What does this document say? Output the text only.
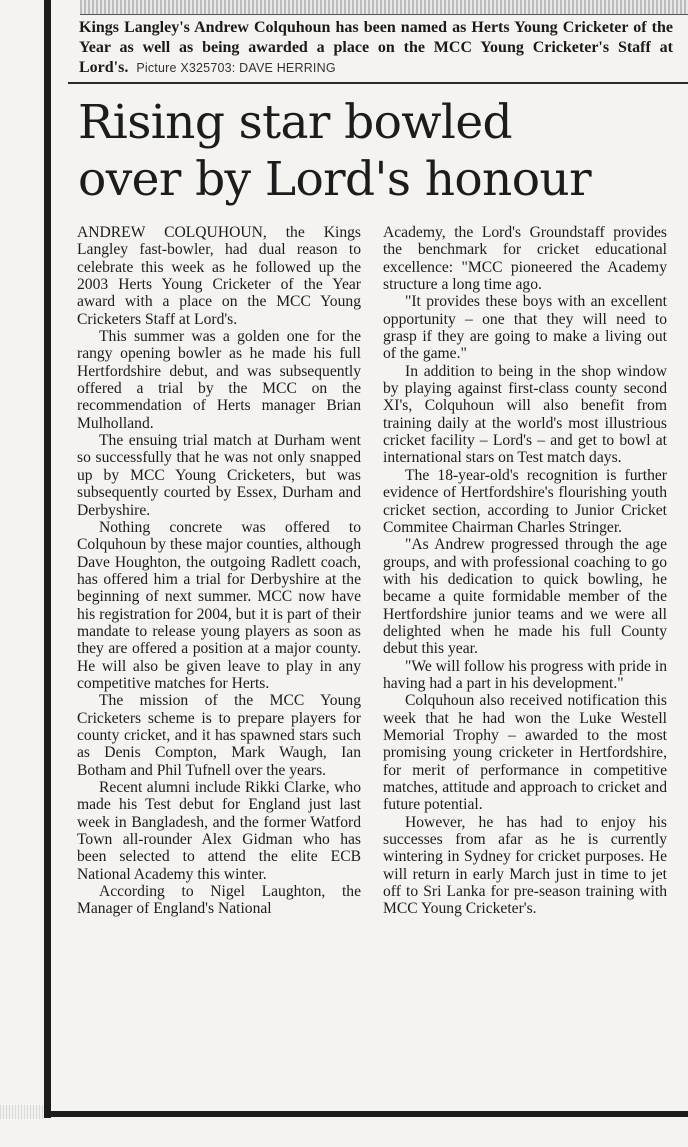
Kings Langley's Andrew Colquhoun has been named as Herts Young Cricketer of the Year as well as being awarded a place on the MCC Young Cricketer's Staff at Lord's. Picture X325703: DAVE HERRING
Rising star bowled
over by Lord's honour

ANDREW COLQUHOUN, the Kings Langley fast-bowler, had dual reason to celebrate this week as he followed up the 2003 Herts Young Cricketer of the Year award with a place on the MCC Young Cricketers Staff at Lord's.

This summer was a golden one for the rangy opening bowler as he made his full Hertfordshire debut, and was subsequently offered a trial by the MCC on the recommendation of Herts manager Brian Mulholland.

The ensuing trial match at Durham went so successfully that he was not only snapped up by MCC Young Cricketers, but was subsequently courted by Essex, Durham and Derbyshire.

Nothing concrete was offered to Colquhoun by these major counties, although Dave Houghton, the outgoing Radlett coach, has offered him a trial for Derbyshire at the beginning of next summer. MCC now have his registration for 2004, but it is part of their mandate to release young players as soon as they are offered a position at a major county. He will also be given leave to play in any competitive matches for Herts.

The mission of the MCC Young Cricketers scheme is to prepare players for county cricket, and it has spawned stars such as Denis Compton, Mark Waugh, Ian Botham and Phil Tufnell over the years.

Recent alumni include Rikki Clarke, who made his Test debut for England just last week in Bangladesh, and the former Watford Town all-rounder Alex Gidman who has been selected to attend the elite ECB National Academy this winter.

According to Nigel Laughton, the Manager of England's National

Academy, the Lord's Groundstaff provides the benchmark for cricket educational excellence: "MCC pioneered the Academy structure a long time ago.

"It provides these boys with an excellent opportunity – one that they will need to grasp if they are going to make a living out of the game."

In addition to being in the shop window by playing against first-class county second XI's, Colquhoun will also benefit from training daily at the world's most illustrious cricket facility – Lord's – and get to bowl at international stars on Test match days.

The 18-year-old's recognition is further evidence of Hertfordshire's flourishing youth cricket section, according to Junior Cricket Commitee Chairman Charles Stringer.

"As Andrew progressed through the age groups, and with professional coaching to go with his dedication to quick bowling, he became a quite formidable member of the Hertfordshire junior teams and we were all delighted when he made his full County debut this year.

"We will follow his progress with pride in having had a part in his development."

Colquhoun also received notification this week that he had won the Luke Westell Memorial Trophy – awarded to the most promising young cricketer in Hertfordshire, for merit of performance in competitive matches, attitude and approach to cricket and future potential.

However, he has had to enjoy his successes from afar as he is currently wintering in Sydney for cricket purposes. He will return in early March just in time to jet off to Sri Lanka for pre-season training with MCC Young Cricketer's.
